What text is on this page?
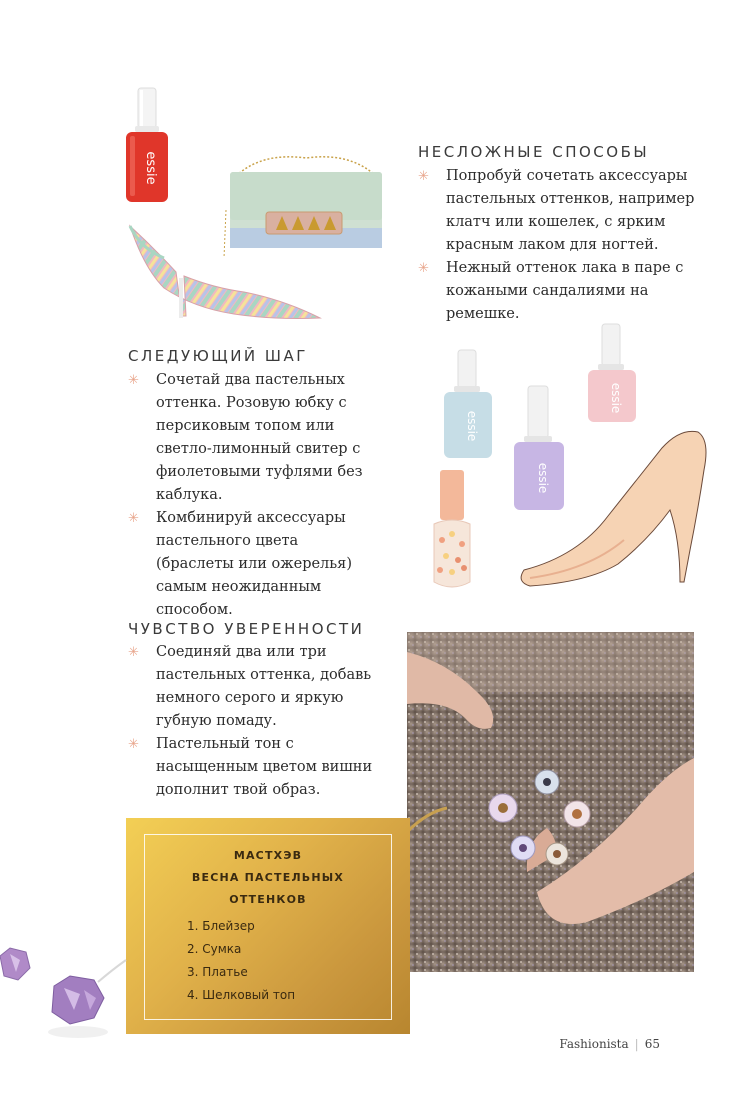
essie	НЕСЛОЖНЫЕ СПОСОБЫ
✳ Попробуй сочетать аксессуары пастельных оттенков, например клатч или кошелек, с ярким красным лаком для ногтей.
✳ Нежный оттенок лака в паре с кожаными сандалиями на ремешке.
essie
essie
essie
СЛЕДУЮЩИЙ ШАГ
✳ Сочетай два пастельных оттенка. Розовую юбку с персиковым топом или светло-лимонный свитер с фиолетовыми туфлями без каблука.
✳ Комбинируй аксессуары пастельного цвета (браслеты или ожерелья) самым неожиданным способом.
ЧУВСТВО УВЕРЕННОСТИ
✳ Соединяй два или три пастельных оттенка, добавь немного серого и яркую губную помаду.
✳ Пастельный тон с насыщенным цветом вишни дополнит твой образ.
МАСТХЭВ
ВЕСНА ПАСТЕЛЬНЫХ
ОТТЕНКОВ
1. Блейзер
2. Сумка
3. Платье
4. Шелковый топ
Fashionista | 65
